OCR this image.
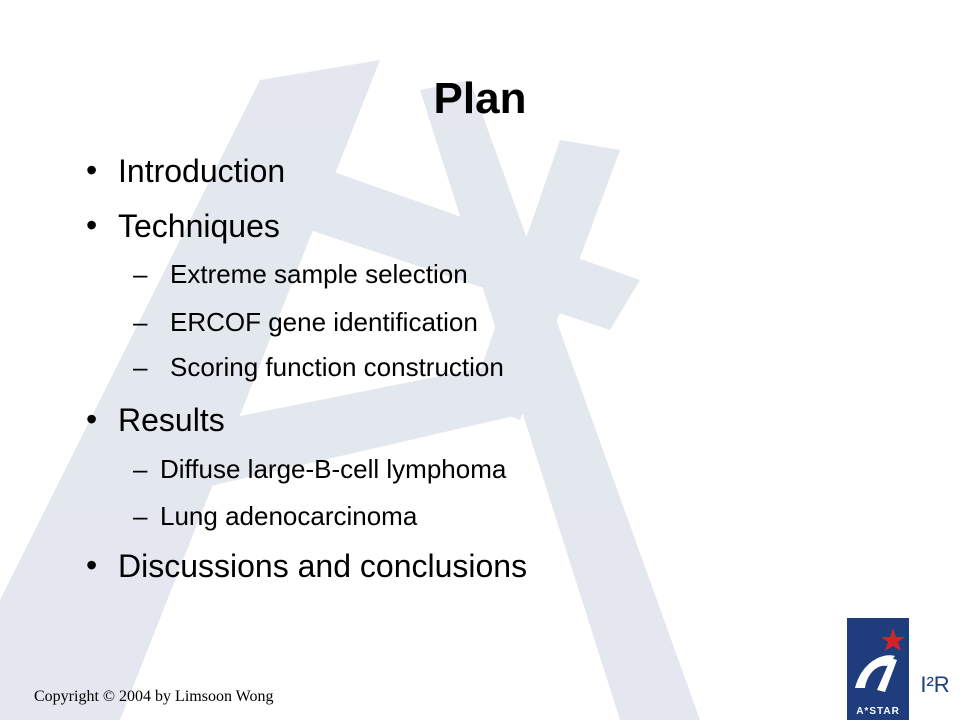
Plan
• Introduction
• Techniques
– Extreme sample selection
– ERCOF gene identification
– Scoring function construction
• Results
– Diffuse large-B-cell lymphoma
– Lung adenocarcinoma
• Discussions and conclusions
Copyright © 2004 by Limsoon Wong
A*STAR
I²R
